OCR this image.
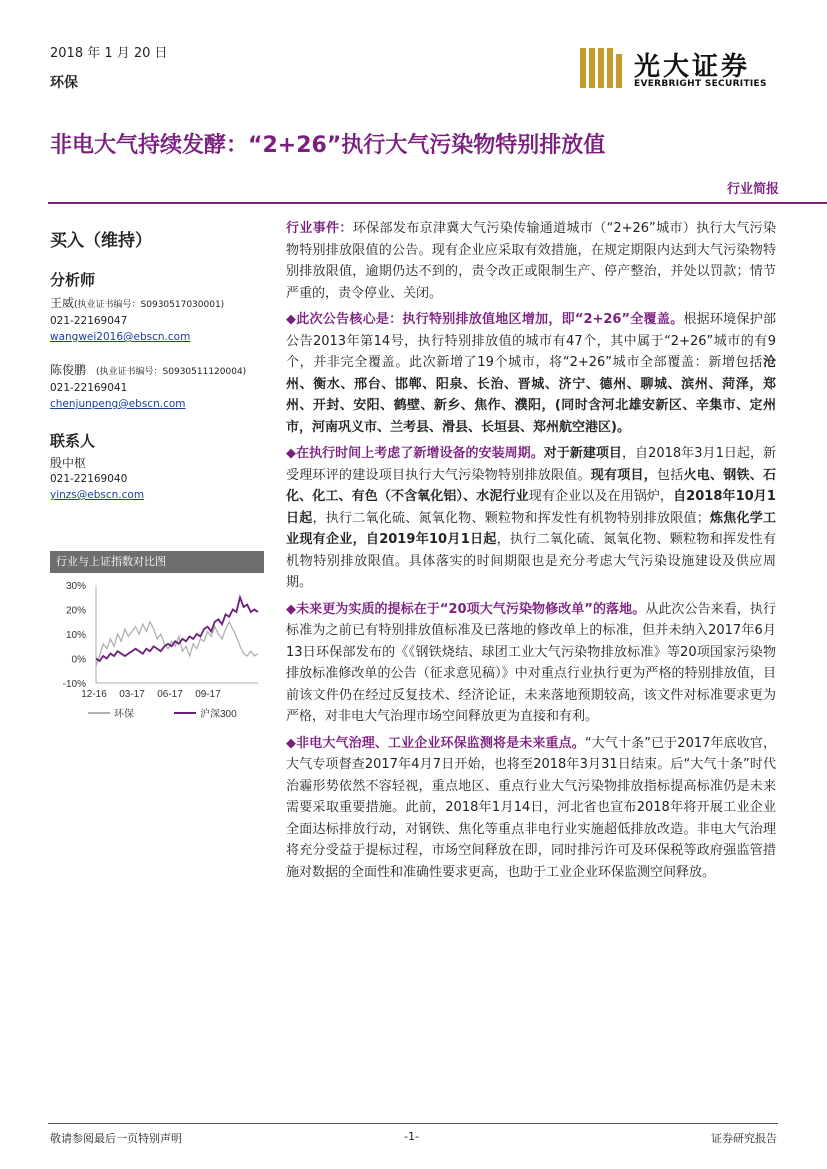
2018 年 1 月 20 日
环保
光大证券
EVERBRIGHT SECURITIES
非电大气持续发酵：“2+26”执行大气污染物特别排放值
行业简报
买入（维持）
分析师
王威(执业证书编号：S0930517030001)
021-22169047
wangwei2016@ebscn.com
陈俊鹏 (执业证书编号：S0930511120004)
021-22169041
chenjunpeng@ebscn.com
联系人
殷中枢
021-22169040
yinzs@ebscn.com
行业与上证指数对比图
30%
20%
10%
0%
-10%
12-16 03-17 06-17 09-17
环保	沪深300

行业事件：环保部发布京津冀大气污染传输通道城市（“2+26”城市）执行大气污染物特别排放限值的公告。现有企业应采取有效措施，在规定期限内达到大气污染物特别排放限值，逾期仍达不到的，责令改正或限制生产、停产整治，并处以罚款；情节严重的，责令停业、关闭。

◆此次公告核心是：执行特别排放值地区增加，即“2+26”全覆盖。根据环境保护部公告2013年第14号，执行特别排放值的城市有47个，其中属于“2+26”城市的有9个，并非完全覆盖。此次新增了19个城市，将“2+26”城市全部覆盖：新增包括沧州、衡水、邢台、邯郸、阳泉、长治、晋城、济宁、德州、聊城、滨州、菏泽，郑州、开封、安阳、鹤壁、新乡、焦作、濮阳，(同时含河北雄安新区、辛集市、定州市，河南巩义市、兰考县、滑县、长垣县、郑州航空港区)。

◆在执行时间上考虑了新增设备的安装周期。对于新建项目，自2018年3月1日起，新受理环评的建设项目执行大气污染物特别排放限值。现有项目，包括火电、钢铁、石化、化工、有色（不含氧化铝）、水泥行业现有企业以及在用锅炉，自2018年10月1日起，执行二氧化硫、氮氧化物、颗粒物和挥发性有机物特别排放限值；炼焦化学工业现有企业，自2019年10月1日起，执行二氧化硫、氮氧化物、颗粒物和挥发性有机物特别排放限值。具体落实的时间期限也是充分考虑大气污染设施建设及供应周期。

◆未来更为实质的提标在于“20项大气污染物修改单”的落地。从此次公告来看，执行标准为之前已有特别排放值标准及已落地的修改单上的标准，但并未纳入2017年6月13日环保部发布的《《钢铁烧结、球团工业大气污染物排放标准》等20项国家污染物排放标准修改单的公告（征求意见稿）》中对重点行业执行更为严格的特别排放值，目前该文件仍在经过反复技术、经济论证，未来落地预期较高，该文件对标准要求更为严格，对非电大气治理市场空间释放更为直接和有利。

◆非电大气治理、工业企业环保监测将是未来重点。“大气十条”已于2017年底收官，大气专项督查2017年4月7日开始，也将至2018年3月31日结束。后“大气十条”时代治霾形势依然不容轻视，重点地区、重点行业大气污染物排放指标提高标准仍是未来需要采取重要措施。此前，2018年1月14日，河北省也宣布2018年将开展工业企业全面达标排放行动，对钢铁、焦化等重点非电行业实施超低排放改造。非电大气治理将充分受益于提标过程，市场空间释放在即，同时排污许可及环保税等政府强监管措施对数据的全面性和准确性要求更高，也助于工业企业环保监测空间释放。

敬请参阅最后一页特别声明	-1-	证券研究报告
